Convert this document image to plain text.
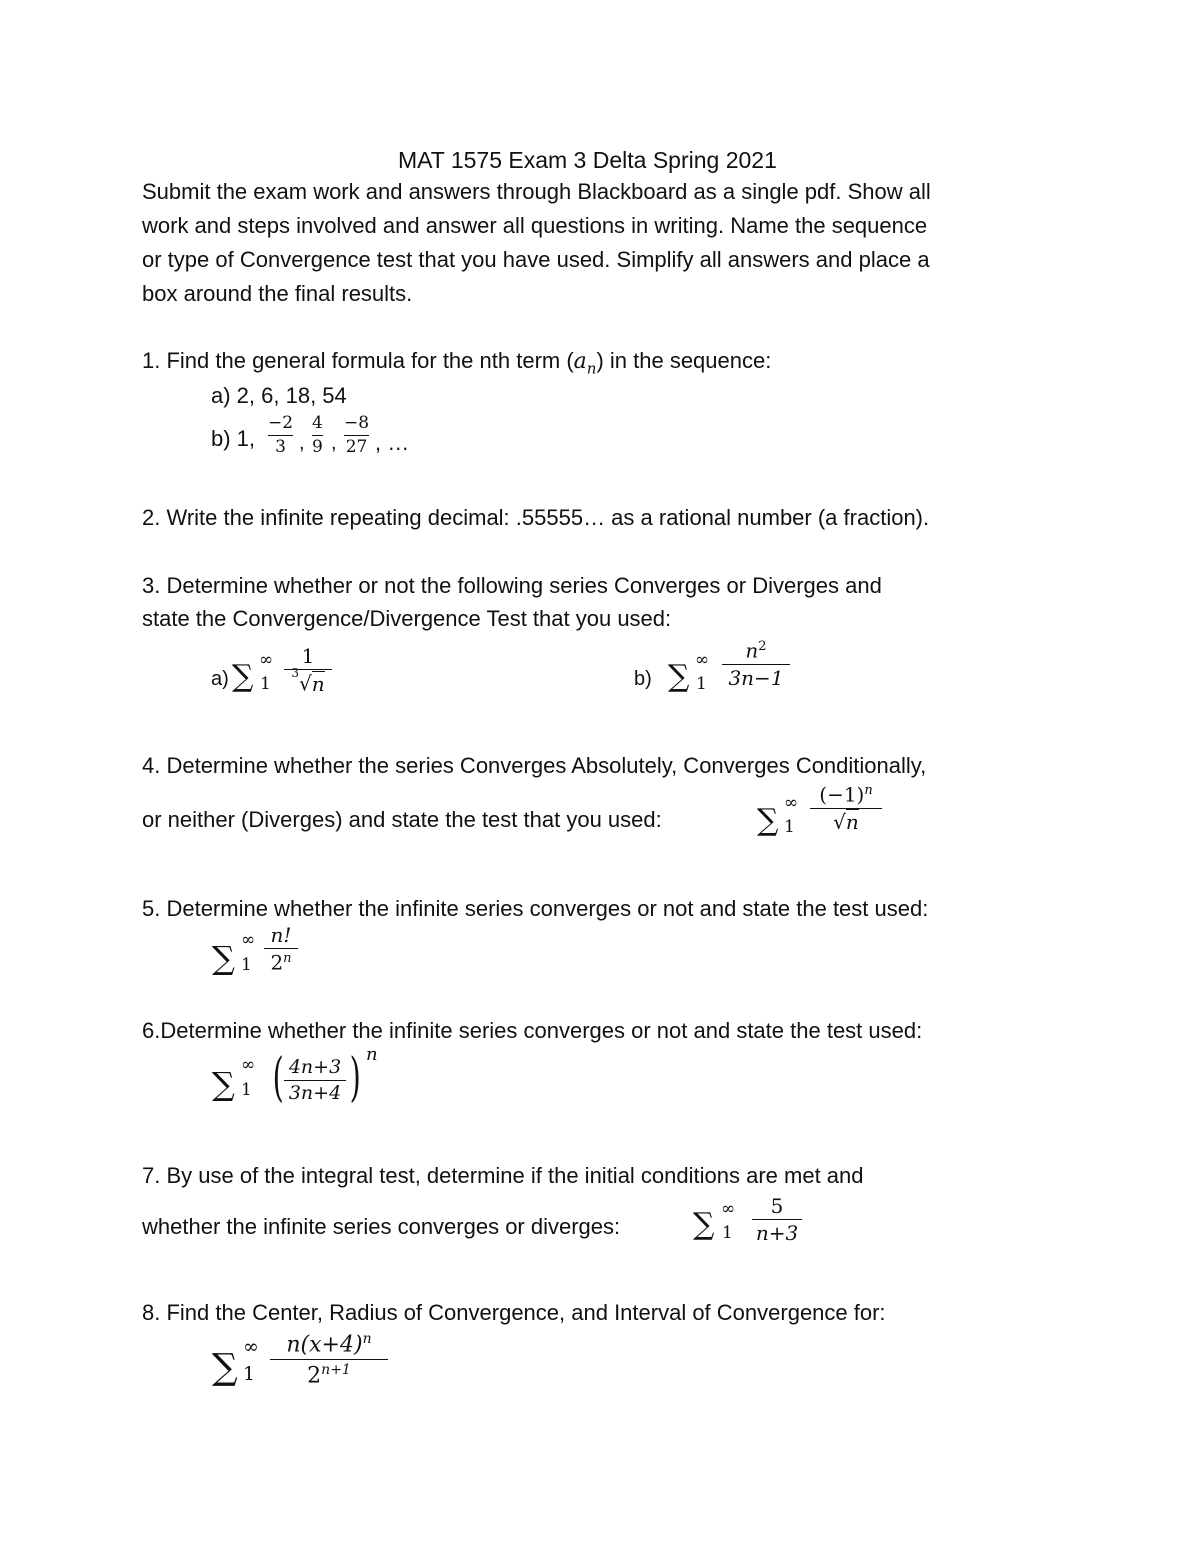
MAT 1575 Exam 3 Delta Spring 2021
Submit the exam work and answers through Blackboard as a single pdf. Show all
work and steps involved and answer all questions in writing. Name the sequence
or type of Convergence test that you have used. Simplify all answers and place a
box around the final results.
1. Find the general formula for the nth term $(a_n)$ in the sequence:
a) 2, 6, 18, 54
b) 1,
−2
3 ,
4
9 ,
−8
27 , …
2. Write the infinite repeating decimal: .55555… as a rational number (a fraction).
3. Determine whether or not the following series Converges or Diverges and
state the Convergence/Divergence Test that you used:
a) ∑ ∞
1
1
$^3$√n	b) ∑ ∞
1
$n^2$
3n−1
4. Determine whether the series Converges Absolutely, Converges Conditionally,
or neither (Diverges) and state the test that you used:	∑ ∞
1
$(-1)^n$
√n
5. Determine whether the infinite series converges or not and state the test used:
∑ ∞
1
n!
2$^n$
6.Determine whether the infinite series converges or not and state the test used:
∑ ∞
1 ( 4n+3
3n+4 ) n
7. By use of the integral test, determine if the initial conditions are met and
whether the infinite series converges or diverges: ∑ ∞
1
5
n+3
8. Find the Center, Radius of Convergence, and Interval of Convergence for:
∑ ∞
1
$n(x+4)^n$
$2^{n+1}$
